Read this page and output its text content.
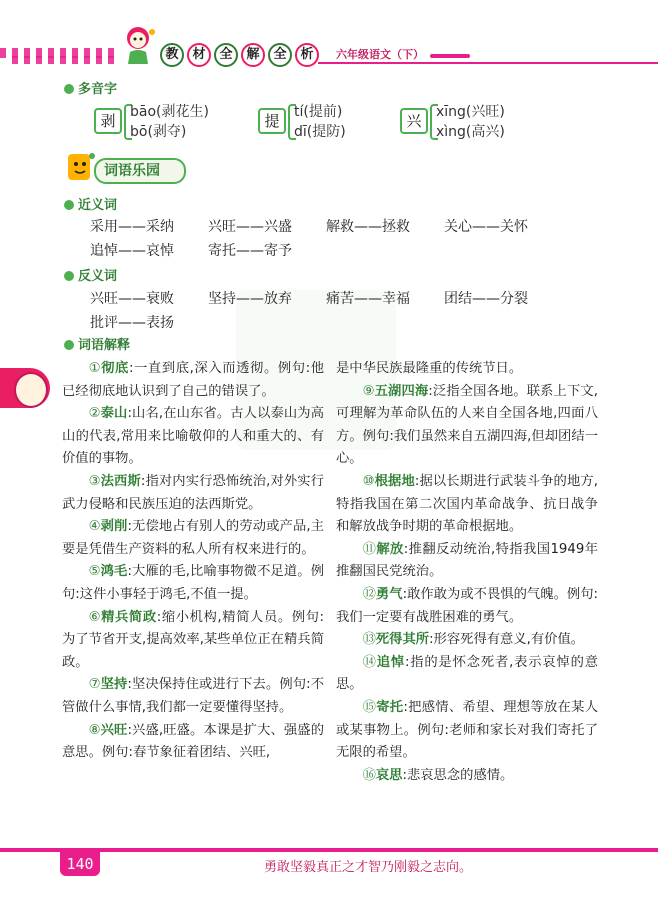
教	材	全	解	全	析	六年级语文（下）
多音字
剥	bāo(剥花生)
bō(剥夺)
提	tí(提前)
dī(提防)
兴	xīng(兴旺)
xìng(高兴)
词语乐园
近义词
采用——采纳 兴旺——兴盛 解救——拯救 关心——关怀
追悼——哀悼 寄托——寄予
反义词
兴旺——衰败 坚持——放弃 痛苦——幸福 团结——分裂
批评——表扬
词语解释

①彻底:一直到底,深入而透彻。例句:他已经彻底地认识到了自己的错误了。

②泰山:山名,在山东省。古人以泰山为高山的代表,常用来比喻敬仰的人和重大的、有价值的事物。

③法西斯:指对内实行恐怖统治,对外实行武力侵略和民族压迫的法西斯党。

④剥削:无偿地占有别人的劳动或产品,主要是凭借生产资料的私人所有权来进行的。

⑤鸿毛:大雁的毛,比喻事物微不足道。例句:这件小事轻于鸿毛,不值一提。

⑥精兵简政:缩小机构,精简人员。例句:为了节省开支,提高效率,某些单位正在精兵简政。

⑦坚持:坚决保持住或进行下去。例句:不管做什么事情,我们都一定要懂得坚持。

⑧兴旺:兴盛,旺盛。本课是扩大、强盛的意思。例句:春节象征着团结、兴旺,

是中华民族最隆重的传统节日。

⑨五湖四海:泛指全国各地。联系上下文,可理解为革命队伍的人来自全国各地,四面八方。例句:我们虽然来自五湖四海,但却团结一心。

⑩根据地:据以长期进行武装斗争的地方,特指我国在第二次国内革命战争、抗日战争和解放战争时期的革命根据地。

⑪解放:推翻反动统治,特指我国1949年推翻国民党统治。

⑫勇气:敢作敢为或不畏惧的气魄。例句:我们一定要有战胜困难的勇气。

⑬死得其所:形容死得有意义,有价值。

⑭追悼:指的是怀念死者,表示哀悼的意思。

⑮寄托:把感情、希望、理想等放在某人或某事物上。例句:老师和家长对我们寄托了无限的希望。

⑯哀思:悲哀思念的感情。

140	勇敢坚毅真正之才智乃刚毅之志向。
